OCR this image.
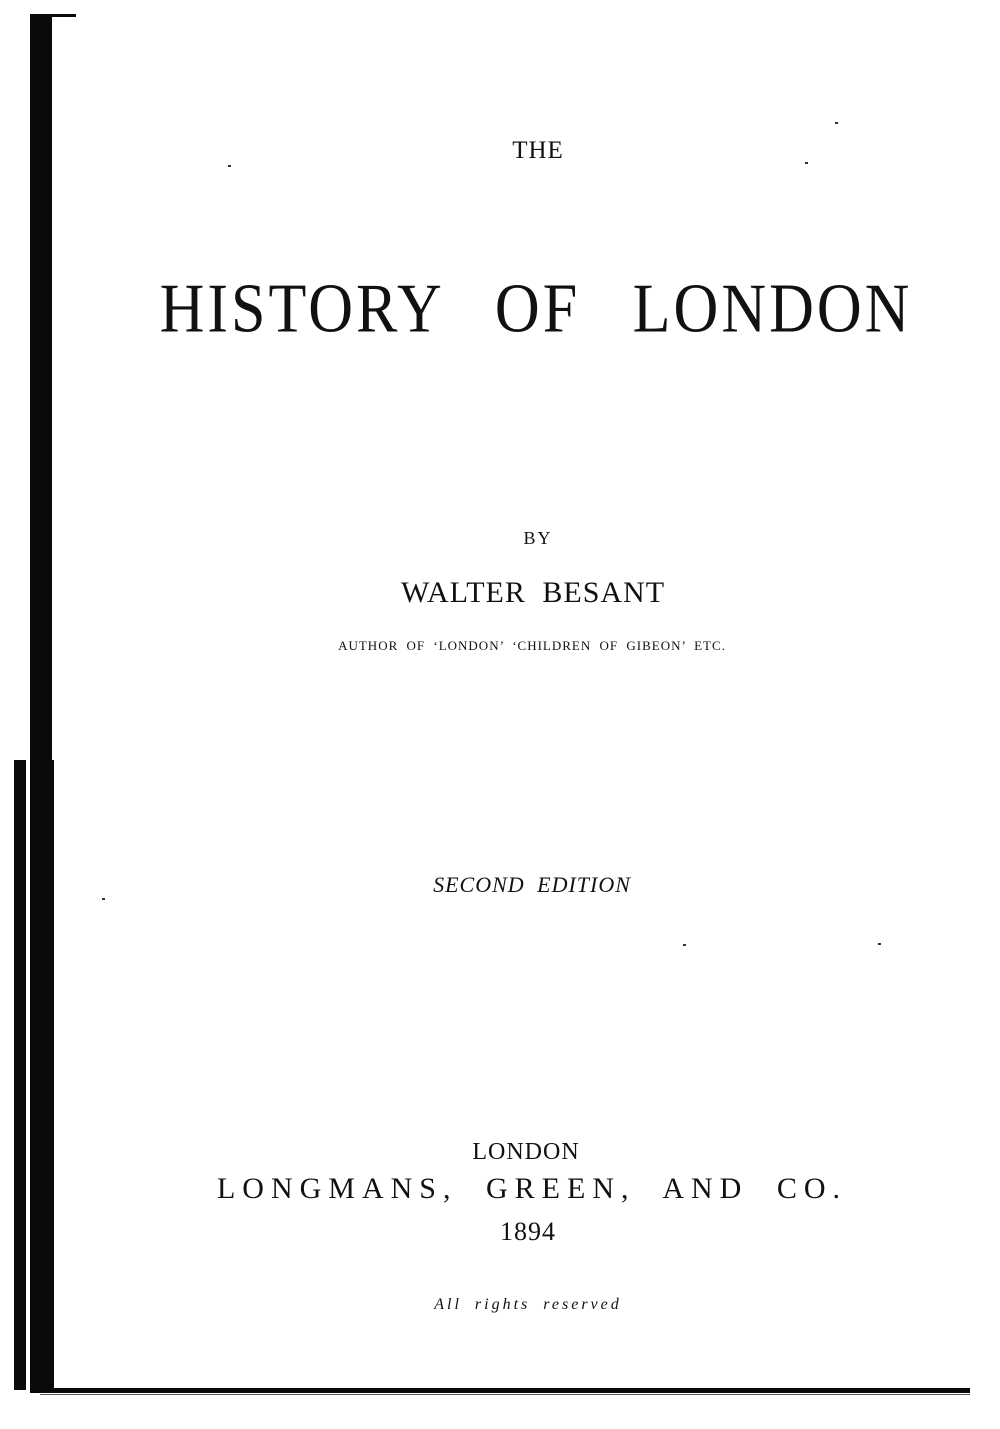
THE

HISTORY OF LONDON

BY

WALTER BESANT

AUTHOR OF ‘LONDON’ ‘CHILDREN OF GIBEON’ ETC.

SECOND EDITION

LONDON

LONGMANS, GREEN, AND CO.

1894

All rights reserved
